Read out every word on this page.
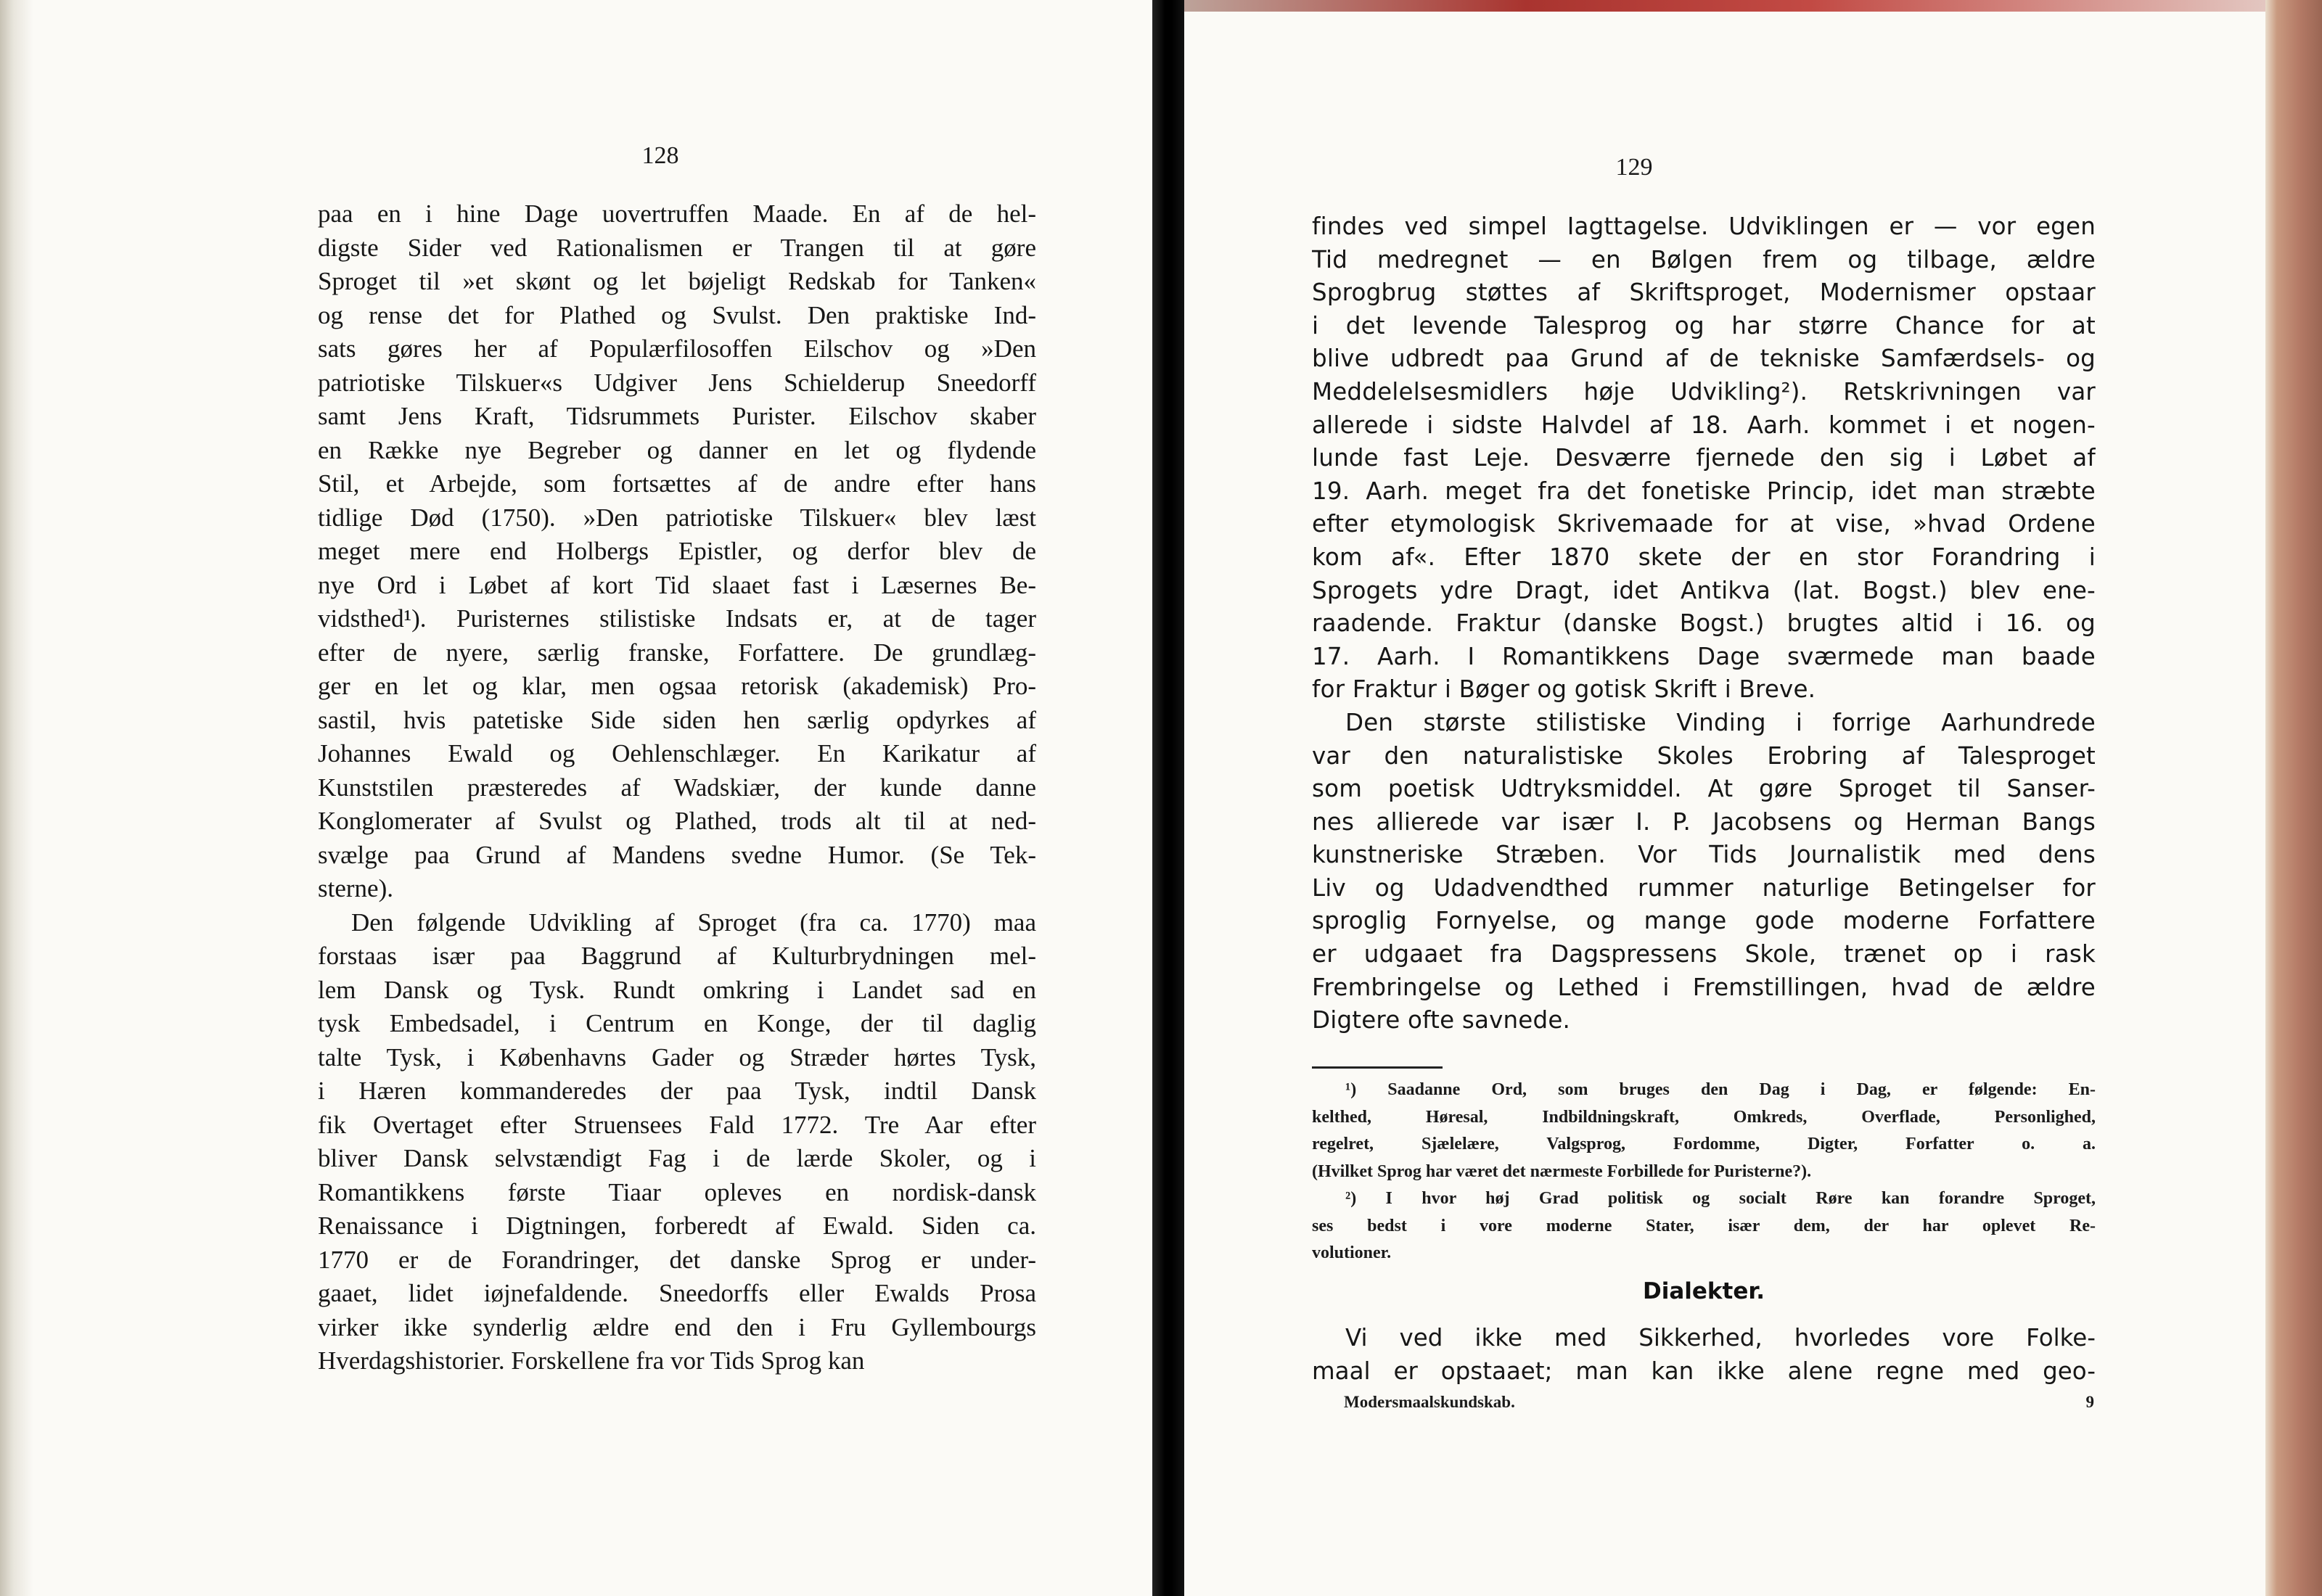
128
paa en i hine Dage uovertruffen Maade. En af de hel-
digste Sider ved Rationalismen er Trangen til at gøre
Sproget til »et skønt og let bøjeligt Redskab for Tanken«
og rense det for Plathed og Svulst. Den praktiske Ind-
sats gøres her af Populærfilosoffen Eilschov og »Den
patriotiske Tilskuer«s Udgiver Jens Schielderup Sneedorff
samt Jens Kraft, Tidsrummets Purister. Eilschov skaber
en Række nye Begreber og danner en let og flydende
Stil, et Arbejde, som fortsættes af de andre efter hans
tidlige Død (1750). »Den patriotiske Tilskuer« blev læst
meget mere end Holbergs Epistler, og derfor blev de
nye Ord i Løbet af kort Tid slaaet fast i Læsernes Be-
vidsthed¹). Puristernes stilistiske Indsats er, at de tager
efter de nyere, særlig franske, Forfattere. De grundlæg-
ger en let og klar, men ogsaa retorisk (akademisk) Pro-
sastil, hvis patetiske Side siden hen særlig opdyrkes af
Johannes Ewald og Oehlenschlæger. En Karikatur af
Kunststilen præsteredes af Wadskiær, der kunde danne
Konglomerater af Svulst og Plathed, trods alt til at ned-
svælge paa Grund af Mandens svedne Humor. (Se Tek-
sterne).
Den følgende Udvikling af Sproget (fra ca. 1770) maa
forstaas især paa Baggrund af Kulturbrydningen mel-
lem Dansk og Tysk. Rundt omkring i Landet sad en
tysk Embedsadel, i Centrum en Konge, der til daglig
talte Tysk, i Københavns Gader og Stræder hørtes Tysk,
i Hæren kommanderedes der paa Tysk, indtil Dansk
fik Overtaget efter Struensees Fald 1772. Tre Aar efter
bliver Dansk selvstændigt Fag i de lærde Skoler, og i
Romantikkens første Tiaar opleves en nordisk-dansk
Renaissance i Digtningen, forberedt af Ewald. Siden ca.
1770 er de Forandringer, det danske Sprog er under-
gaaet, lidet iøjnefaldende. Sneedorffs eller Ewalds Prosa
virker ikke synderlig ældre end den i Fru Gyllembourgs
Hverdagshistorier. Forskellene fra vor Tids Sprog kan
129
findes ved simpel Iagttagelse. Udviklingen er — vor egen
Tid medregnet — en Bølgen frem og tilbage, ældre
Sprogbrug støttes af Skriftsproget, Modernismer opstaar
i det levende Talesprog og har større Chance for at
blive udbredt paa Grund af de tekniske Samfærdsels- og
Meddelelsesmidlers høje Udvikling²). Retskrivningen var
allerede i sidste Halvdel af 18. Aarh. kommet i et nogen-
lunde fast Leje. Desværre fjernede den sig i Løbet af
19. Aarh. meget fra det fonetiske Princip, idet man stræbte
efter etymologisk Skrivemaade for at vise, »hvad Ordene
kom af«. Efter 1870 skete der en stor Forandring i
Sprogets ydre Dragt, idet Antikva (lat. Bogst.) blev ene-
raadende. Fraktur (danske Bogst.) brugtes altid i 16. og
17. Aarh. I Romantikkens Dage sværmede man baade
for Fraktur i Bøger og gotisk Skrift i Breve.
Den største stilistiske Vinding i forrige Aarhundrede
var den naturalistiske Skoles Erobring af Talesproget
som poetisk Udtryksmiddel. At gøre Sproget til Sanser-
nes allierede var især I. P. Jacobsens og Herman Bangs
kunstneriske Stræben. Vor Tids Journalistik med dens
Liv og Udadvendthed rummer naturlige Betingelser for
sproglig Fornyelse, og mange gode moderne Forfattere
er udgaaet fra Dagspressens Skole, trænet op i rask
Frembringelse og Lethed i Fremstillingen, hvad de ældre
Digtere ofte savnede.
¹) Saadanne Ord, som bruges den Dag i Dag, er følgende: En-
kelthed, Høresal, Indbildningskraft, Omkreds, Overflade, Personlighed,
regelret, Sjælelære, Valgsprog, Fordomme, Digter, Forfatter o. a.
(Hvilket Sprog har været det nærmeste Forbillede for Puristerne?).
²) I hvor høj Grad politisk og socialt Røre kan forandre Sproget,
ses bedst i vore moderne Stater, især dem, der har oplevet Re-
volutioner.
Dialekter.
Vi ved ikke med Sikkerhed, hvorledes vore Folke-
maal er opstaaet; man kan ikke alene regne med geo-
Modersmaalskundskab.	9
